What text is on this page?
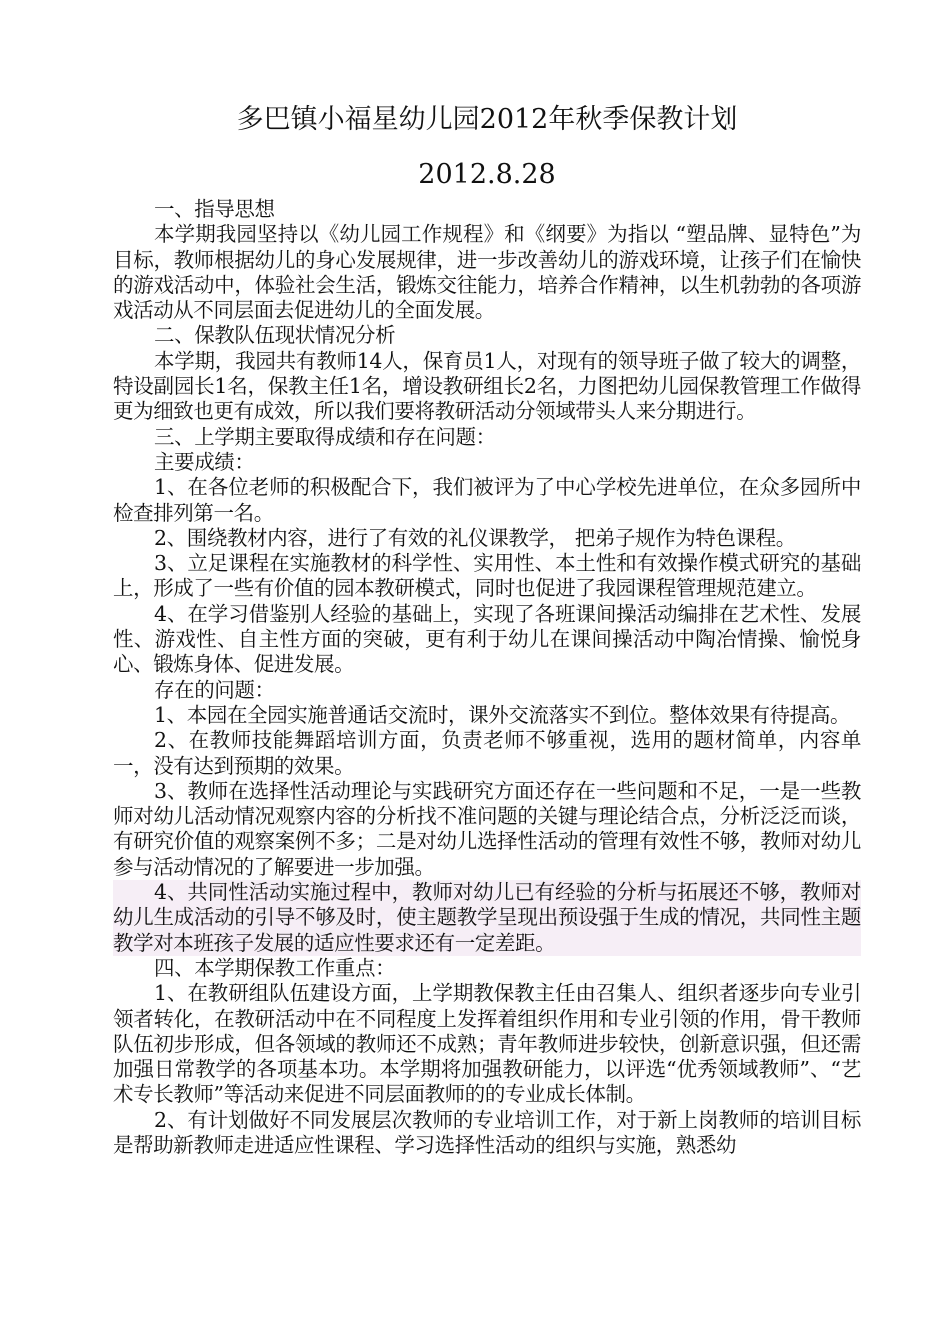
多巴镇小福星幼儿园2012年秋季保教计划
2012.8.28

一、指导思想

本学期我园坚持以《幼儿园工作规程》和《纲要》为指以 “塑品牌、显特色”为目标，教师根据幼儿的身心发展规律，进一步改善幼儿的游戏环境，让孩子们在愉快的游戏活动中，体验社会生活，锻炼交往能力，培养合作精神，以生机勃勃的各项游戏活动从不同层面去促进幼儿的全面发展。

二、保教队伍现状情况分析

本学期，我园共有教师14人，保育员1人，对现有的领导班子做了较大的调整，特设副园长1名，保教主任1名，增设教研组长2名，力图把幼儿园保教管理工作做得更为细致也更有成效，所以我们要将教研活动分领域带头人来分期进行。

三、上学期主要取得成绩和存在问题：

主要成绩：

1、在各位老师的积极配合下，我们被评为了中心学校先进单位，在众多园所中检查排列第一名。

2、围绕教材内容，进行了有效的礼仪课教学， 把弟子规作为特色课程。

3、立足课程在实施教材的科学性、实用性、本土性和有效操作模式研究的基础上，形成了一些有价值的园本教研模式，同时也促进了我园课程管理规范建立。

4、在学习借鉴别人经验的基础上，实现了各班课间操活动编排在艺术性、发展性、游戏性、自主性方面的突破，更有利于幼儿在课间操活动中陶冶情操、愉悦身心、锻炼身体、促进发展。

存在的问题：

1、本园在全园实施普通话交流时，课外交流落实不到位。整体效果有待提高。

2、在教师技能舞蹈培训方面，负责老师不够重视，选用的题材简单，内容单一，没有达到预期的效果。

3、教师在选择性活动理论与实践研究方面还存在一些问题和不足，一是一些教师对幼儿活动情况观察内容的分析找不准问题的关键与理论结合点，分析泛泛而谈，有研究价值的观察案例不多；二是对幼儿选择性活动的管理有效性不够，教师对幼儿参与活动情况的了解要进一步加强。

4、共同性活动实施过程中，教师对幼儿已有经验的分析与拓展还不够，教师对幼儿生成活动的引导不够及时，使主题教学呈现出预设强于生成的情况，共同性主题教学对本班孩子发展的适应性要求还有一定差距。

四、本学期保教工作重点：

1、在教研组队伍建设方面，上学期教保教主任由召集人、组织者逐步向专业引领者转化，在教研活动中在不同程度上发挥着组织作用和专业引领的作用，骨干教师队伍初步形成，但各领域的教师还不成熟；青年教师进步较快，创新意识强，但还需加强日常教学的各项基本功。本学期将加强教研能力，以评选“优秀领域教师”、“艺术专长教师”等活动来促进不同层面教师的的专业成长体制。

2、有计划做好不同发展层次教师的专业培训工作，对于新上岗教师的培训目标是帮助新教师走进适应性课程、学习选择性活动的组织与实施，熟悉幼
